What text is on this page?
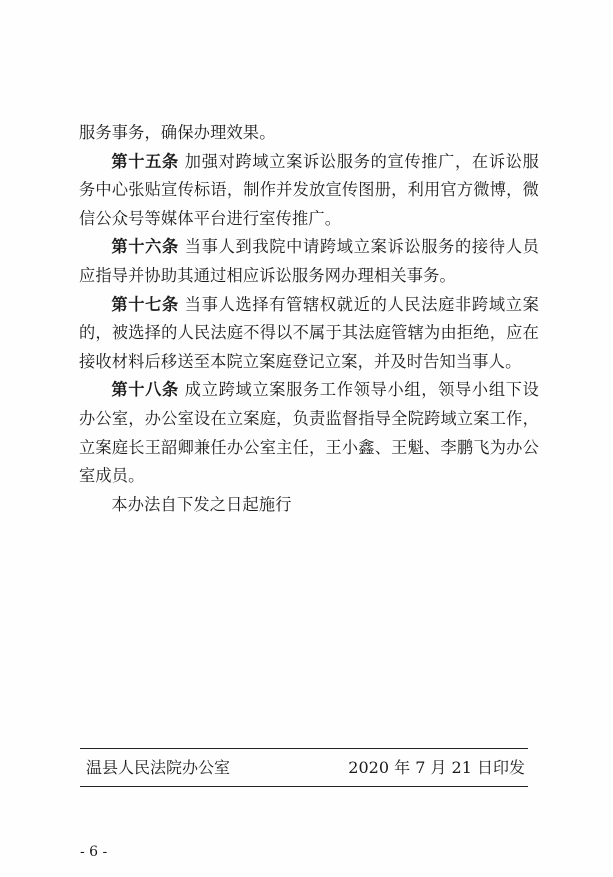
服务事务，确保办理效果。

第十五条 加强对跨域立案诉讼服务的宣传推广，在诉讼服务中心张贴宣传标语，制作并发放宣传图册，利用官方微博，微信公众号等媒体平台进行室传推广。

第十六条 当事人到我院中请跨域立案诉讼服务的接待人员应指导并协助其通过相应诉讼服务网办理相关事务。

第十七条 当事人选择有管辖权就近的人民法庭非跨域立案的，被选择的人民法庭不得以不属于其法庭管辖为由拒绝，应在接收材料后移送至本院立案庭登记立案，并及时告知当事人。

第十八条 成立跨域立案服务工作领导小组，领导小组下设办公室，办公室设在立案庭，负责监督指导全院跨域立案工作，立案庭长王韶卿兼任办公室主任，王小鑫、王魁、李鹏飞为办公室成员。

本办法自下发之日起施行

温县人民法院办公室	2020 年 7 月 21 日印发
- 6 -
